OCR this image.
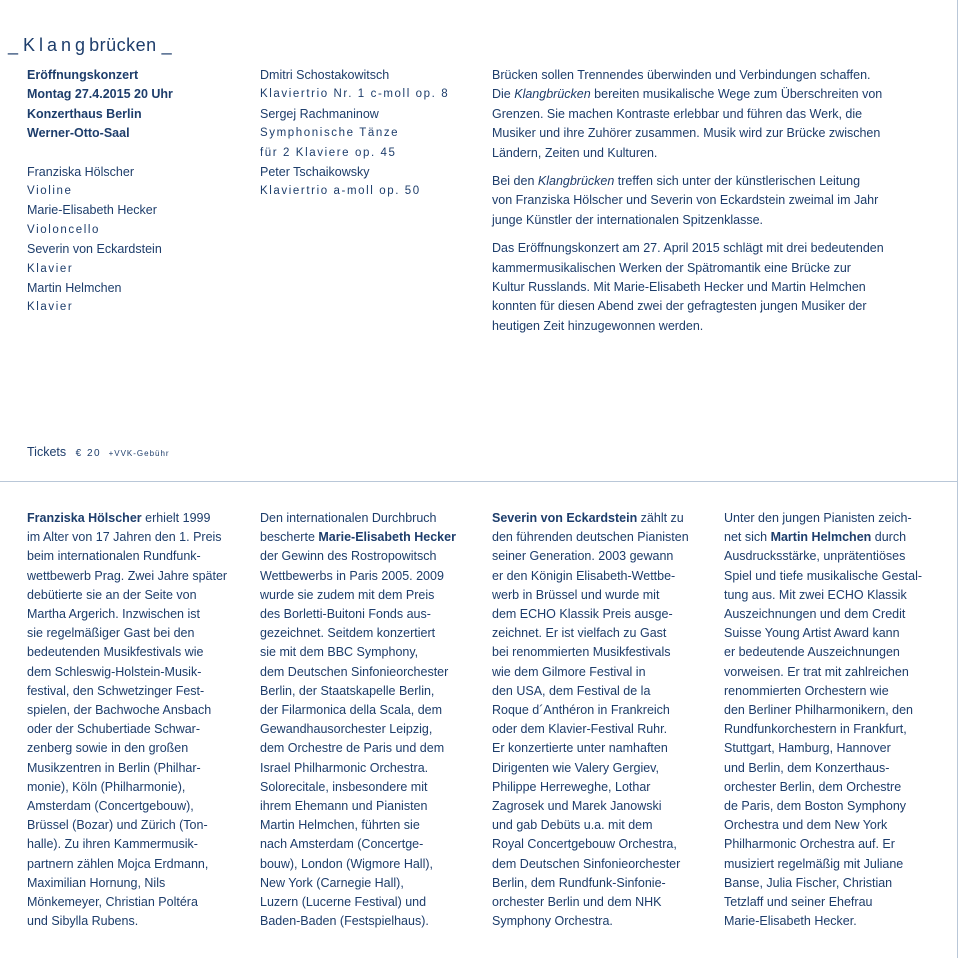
_ Klangbrücken _
Eröffnungskonzert
Montag 27.4.2015 20 Uhr
Konzerthaus Berlin
Werner-Otto-Saal
Franziska Hölscher
Violine
Marie-Elisabeth Hecker
Violoncello
Severin von Eckardstein
Klavier
Martin Helmchen
Klavier
Dmitri Schostakowitsch
Klaviertrio Nr. 1 c-moll op. 8
Sergej Rachmaninow
Symphonische Tänze
für 2 Klaviere op. 45
Peter Tschaikowsky
Klaviertrio a-moll op. 50

Brücken sollen Trennendes überwinden und Verbindungen schaffen.
Die Klangbrücken bereiten musikalische Wege zum Überschreiten von
Grenzen. Sie machen Kontraste erlebbar und führen das Werk, die
Musiker und ihre Zuhörer zusammen. Musik wird zur Brücke zwischen
Ländern, Zeiten und Kulturen.

Bei den Klangbrücken treffen sich unter der künstlerischen Leitung
von Franziska Hölscher und Severin von Eckardstein zweimal im Jahr
junge Künstler der internationalen Spitzenklasse.

Das Eröffnungskonzert am 27. April 2015 schlägt mit drei bedeutenden
kammermusikalischen Werken der Spätromantik eine Brücke zur
Kultur Russlands. Mit Marie-Elisabeth Hecker und Martin Helmchen
konnten für diesen Abend zwei der gefragtesten jungen Musiker der
heutigen Zeit hinzugewonnen werden.

Tickets € 20 +VVK-Gebühr

Franziska Hölscher erhielt 1999
im Alter von 17 Jahren den 1. Preis
beim internationalen Rundfunk-
wettbewerb Prag. Zwei Jahre später
debütierte sie an der Seite von
Martha Argerich. Inzwischen ist
sie regelmäßiger Gast bei den
bedeutenden Musikfestivals wie
dem Schleswig-Holstein-Musik-
festival, den Schwetzinger Fest-
spielen, der Bachwoche Ansbach
oder der Schubertiade Schwar-
zenberg sowie in den großen
Musikzentren in Berlin (Philhar-
monie), Köln (Philharmonie),
Amsterdam (Concertgebouw),
Brüssel (Bozar) und Zürich (Ton-
halle). Zu ihren Kammermusik-
partnern zählen Mojca Erdmann,
Maximilian Hornung, Nils
Mönkemeyer, Christian Poltéra
und Sibylla Rubens.

Den internationalen Durchbruch
bescherte Marie-Elisabeth Hecker
der Gewinn des Rostropowitsch
Wettbewerbs in Paris 2005. 2009
wurde sie zudem mit dem Preis
des Borletti-Buitoni Fonds aus-
gezeichnet. Seitdem konzertiert
sie mit dem BBC Symphony,
dem Deutschen Sinfonieorchester
Berlin, der Staatskapelle Berlin,
der Filarmonica della Scala, dem
Gewandhausorchester Leipzig,
dem Orchestre de Paris und dem
Israel Philharmonic Orchestra.
Solorecitale, insbesondere mit
ihrem Ehemann und Pianisten
Martin Helmchen, führten sie
nach Amsterdam (Concertge-
bouw), London (Wigmore Hall),
New York (Carnegie Hall),
Luzern (Lucerne Festival) und
Baden-Baden (Festspielhaus).

Severin von Eckardstein zählt zu
den führenden deutschen Pianisten
seiner Generation. 2003 gewann
er den Königin Elisabeth-Wettbe-
werb in Brüssel und wurde mit
dem ECHO Klassik Preis ausge-
zeichnet. Er ist vielfach zu Gast
bei renommierten Musikfestivals
wie dem Gilmore Festival in
den USA, dem Festival de la
Roque d´Anthéron in Frankreich
oder dem Klavier-Festival Ruhr.
Er konzertierte unter namhaften
Dirigenten wie Valery Gergiev,
Philippe Herreweghe, Lothar
Zagrosek und Marek Janowski
und gab Debüts u.a. mit dem
Royal Concertgebouw Orchestra,
dem Deutschen Sinfonieorchester
Berlin, dem Rundfunk-Sinfonie-
orchester Berlin und dem NHK
Symphony Orchestra.

Unter den jungen Pianisten zeich-
net sich Martin Helmchen durch
Ausdrucksstärke, unprätentiöses
Spiel und tiefe musikalische Gestal-
tung aus. Mit zwei ECHO Klassik
Auszeichnungen und dem Credit
Suisse Young Artist Award kann
er bedeutende Auszeichnungen
vorweisen. Er trat mit zahlreichen
renommierten Orchestern wie
den Berliner Philharmonikern, den
Rundfunkorchestern in Frankfurt,
Stuttgart, Hamburg, Hannover
und Berlin, dem Konzerthaus-
orchester Berlin, dem Orchestre
de Paris, dem Boston Symphony
Orchestra und dem New York
Philharmonic Orchestra auf. Er
musiziert regelmäßig mit Juliane
Banse, Julia Fischer, Christian
Tetzlaff und seiner Ehefrau
Marie-Elisabeth Hecker.
